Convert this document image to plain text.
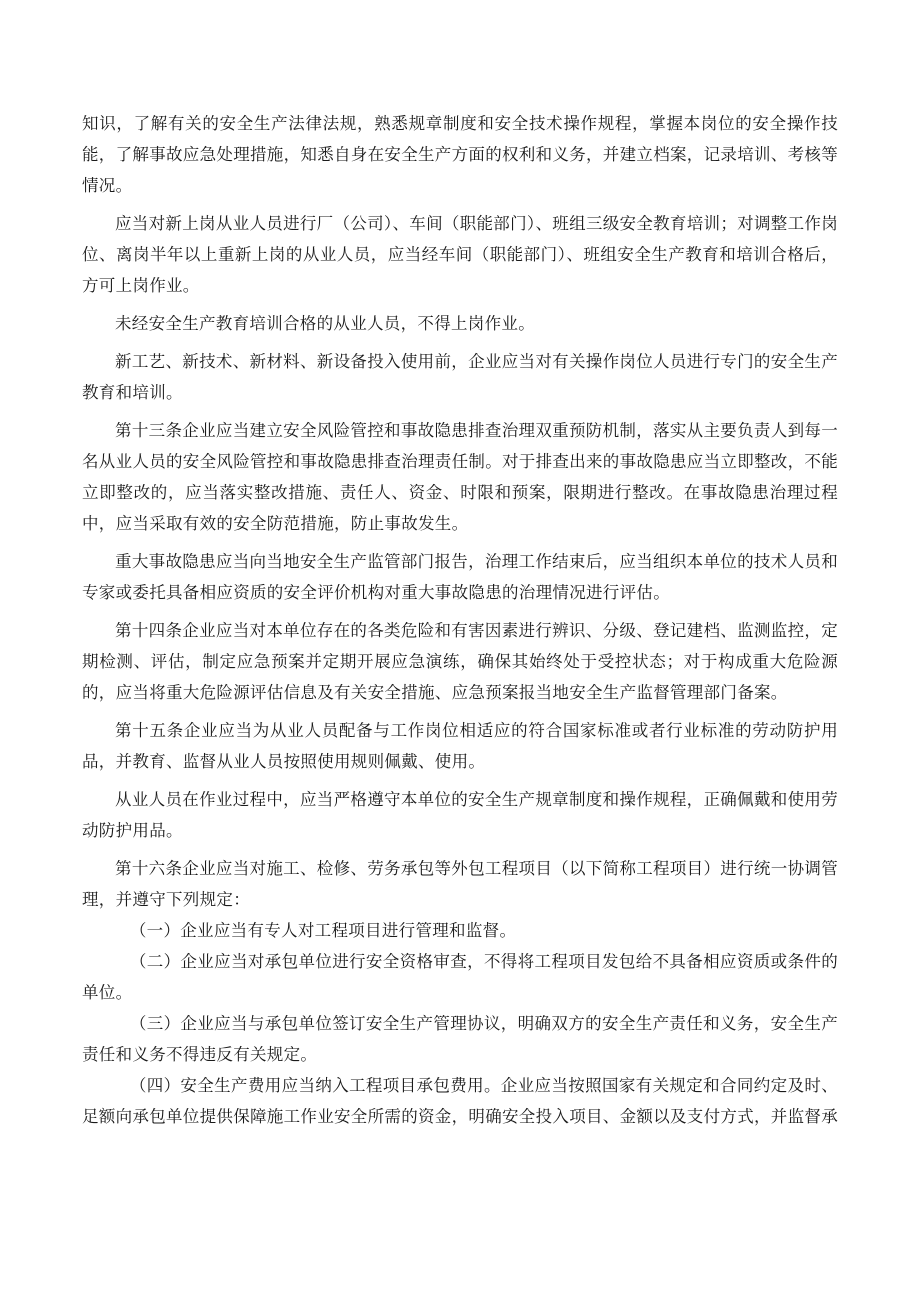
知识，了解有关的安全生产法律法规，熟悉规章制度和安全技术操作规程，掌握本岗位的安全操作技能，了解事故应急处理措施，知悉自身在安全生产方面的权利和义务，并建立档案，记录培训、考核等情况。

应当对新上岗从业人员进行厂（公司）、车间（职能部门）、班组三级安全教育培训；对调整工作岗位、离岗半年以上重新上岗的从业人员，应当经车间（职能部门）、班组安全生产教育和培训合格后，方可上岗作业。

未经安全生产教育培训合格的从业人员，不得上岗作业。

新工艺、新技术、新材料、新设备投入使用前，企业应当对有关操作岗位人员进行专门的安全生产教育和培训。

第十三条企业应当建立安全风险管控和事故隐患排查治理双重预防机制，落实从主要负责人到每一名从业人员的安全风险管控和事故隐患排查治理责任制。对于排查出来的事故隐患应当立即整改，不能立即整改的，应当落实整改措施、责任人、资金、时限和预案，限期进行整改。在事故隐患治理过程中，应当采取有效的安全防范措施，防止事故发生。

重大事故隐患应当向当地安全生产监管部门报告，治理工作结束后，应当组织本单位的技术人员和专家或委托具备相应资质的安全评价机构对重大事故隐患的治理情况进行评估。

第十四条企业应当对本单位存在的各类危险和有害因素进行辨识、分级、登记建档、监测监控，定期检测、评估，制定应急预案并定期开展应急演练，确保其始终处于受控状态；对于构成重大危险源的，应当将重大危险源评估信息及有关安全措施、应急预案报当地安全生产监督管理部门备案。

第十五条企业应当为从业人员配备与工作岗位相适应的符合国家标准或者行业标准的劳动防护用品，并教育、监督从业人员按照使用规则佩戴、使用。

从业人员在作业过程中，应当严格遵守本单位的安全生产规章制度和操作规程，正确佩戴和使用劳动防护用品。

第十六条企业应当对施工、检修、劳务承包等外包工程项目（以下简称工程项目）进行统一协调管理，并遵守下列规定：

（一）企业应当有专人对工程项目进行管理和监督。

（二）企业应当对承包单位进行安全资格审查，不得将工程项目发包给不具备相应资质或条件的单位。

（三）企业应当与承包单位签订安全生产管理协议，明确双方的安全生产责任和义务，安全生产责任和义务不得违反有关规定。

（四）安全生产费用应当纳入工程项目承包费用。企业应当按照国家有关规定和合同约定及时、足额向承包单位提供保障施工作业安全所需的资金，明确安全投入项目、金额以及支付方式，并监督承
